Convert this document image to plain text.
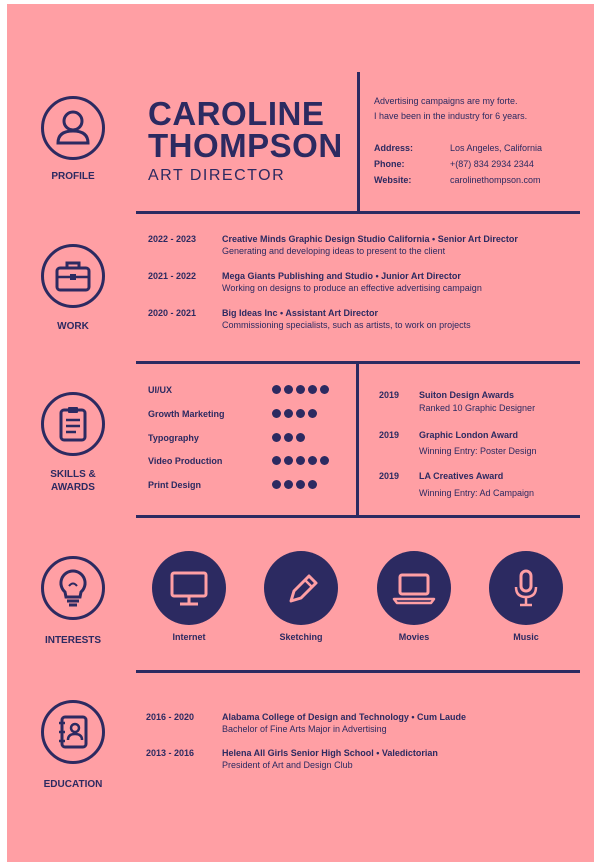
PROFILE
WORK
SKILLS &
AWARDS
INTERESTS
EDUCATION
CAROLINE
THOMPSON
ART DIRECTOR
Advertising campaigns are my forte.
I have been in the industry for 6 years.
Address:	Los Angeles, California
Phone:	+(87) 834 2934 2344
Website:	carolinethompson.com
2022 - 2023	Creative Minds Graphic Design Studio California • Senior Art Director
Generating and developing ideas to present to the client
2021 - 2022	Mega Giants Publishing and Studio • Junior Art Director
Working on designs to produce an effective advertising campaign
2020 - 2021	Big Ideas Inc • Assistant Art Director
Commissioning specialists, such as artists, to work on projects
UI/UX
Growth Marketing
Typography
Video Production
Print Design
2019 Suiton Design Awards
Ranked 10 Graphic Designer
2019 Graphic London Award
Winning Entry: Poster Design
2019 LA Creatives Award
Winning Entry: Ad Campaign
Internet	Sketching	Movies	Music
2016 - 2020	Alabama College of Design and Technology • Cum Laude
Bachelor of Fine Arts Major in Advertising
2013 - 2016	Helena All Girls Senior High School • Valedictorian
President of Art and Design Club
